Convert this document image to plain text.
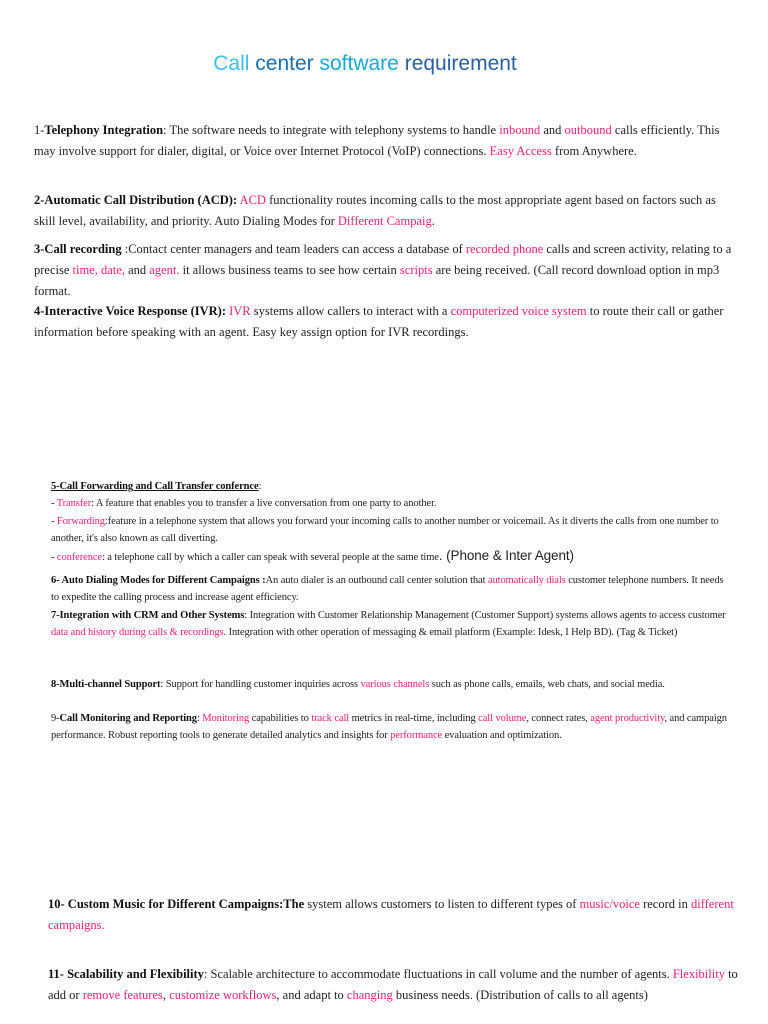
Call center software requirement

1-Telephony Integration: The software needs to integrate with telephony systems to handle inbound and outbound calls efficiently. This may involve support for dialer, digital, or Voice over Internet Protocol (VoIP) connections. Easy Access from Anywhere.

2-Automatic Call Distribution (ACD): ACD functionality routes incoming calls to the most appropriate agent based on factors such as skill level, availability, and priority. Auto Dialing Modes for Different Campaig.

3-Call recording :Contact center managers and team leaders can access a database of recorded phone calls and screen activity, relating to a precise time, date, and agent. it allows business teams to see how certain scripts are being received. (Call record download option in mp3 format.

4-Interactive Voice Response (IVR): IVR systems allow callers to interact with a computerized voice system to route their call or gather information before speaking with an agent. Easy key assign option for IVR recordings.

5-Call Forwarding and Call Transfer confernce:

- Transfer: A feature that enables you to transfer a live conversation from one party to another.

- Forwarding:feature in a telephone system that allows you forward your incoming calls to another number or voicemail. As it diverts the calls from one number to another, it's also known as call diverting.

- conference: a telephone call by which a caller can speak with several people at the same time. (Phone & Inter Agent)

6- Auto Dialing Modes for Different Campaigns :An auto dialer is an outbound call center solution that automatically dials customer telephone numbers. It needs to expedite the calling process and increase agent efficiency.

7-Integration with CRM and Other Systems: Integration with Customer Relationship Management (Customer Support) systems allows agents to access customer data and history during calls & recordings. Integration with other operation of messaging & email platform (Example: Idesk, I Help BD). (Tag & Ticket)

8-Multi-channel Support: Support for handling customer inquiries across various channels such as phone calls, emails, web chats, and social media.

9-Call Monitoring and Reporting: Monitoring capabilities to track call metrics in real-time, including call volume, connect rates, agent productivity, and campaign performance. Robust reporting tools to generate detailed analytics and insights for performance evaluation and optimization.

10- Custom Music for Different Campaigns:The system allows customers to listen to different types of music/voice record in different campaigns.

11- Scalability and Flexibility: Scalable architecture to accommodate fluctuations in call volume and the number of agents. Flexibility to add or remove features, customize workflows, and adapt to changing business needs. (Distribution of calls to all agents)
